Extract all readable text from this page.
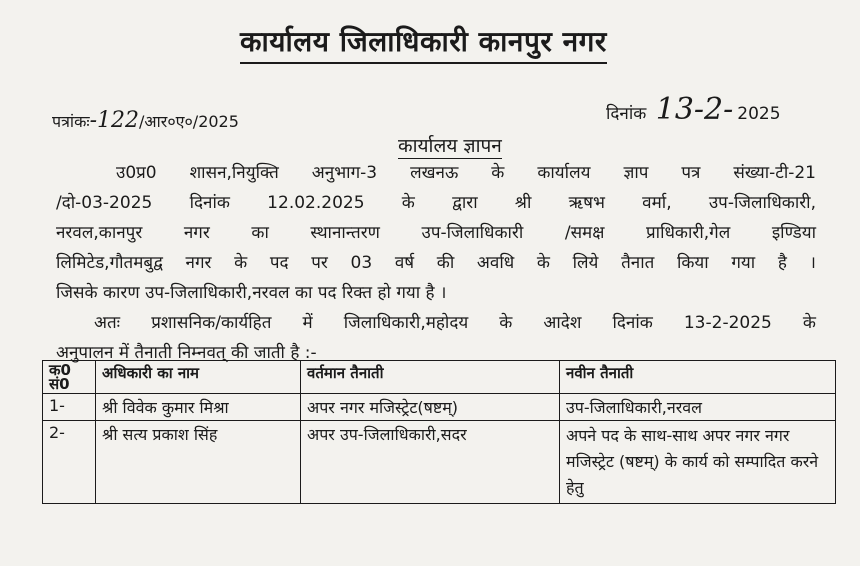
कार्यालय जिलाधिकारी कानपुर नगर
पत्रांकः-122/आर०ए०/2025	दिनांक 13-2- 2025
कार्यालय ज्ञापन

उ0प्र0 शासन,नियुक्ति अनुभाग-3 लखनऊ के कार्यालय ज्ञाप पत्र संख्या-टी-21
/दो-03-2025 दिनांक 12.02.2025 के द्वारा श्री ऋषभ वर्मा, उप-जिलाधिकारी,
नरवल,कानपुर नगर का स्थानान्तरण उप-जिलाधिकारी /समक्ष प्राधिकारी,गेल इण्डिया
लिमिटेड,गौतमबुद्व नगर के पद पर 03 वर्ष की अवधि के लिये तैनात किया गया है ।
जिसके कारण उप-जिलाधिकारी,नरवल का पद रिक्त हो गया है ।

अतः प्रशासनिक/कार्यहित में जिलाधिकारी,महोदय के आदेश दिनांक 13-2-2025 के
अनुपालन में तैनाती निम्नवत् की जाती है :-

क0
सं0	अधिकारी का नाम	वर्तमान तैनाती	नवीन तैनाती
1-	श्री विवेक कुमार मिश्रा	अपर नगर मजिस्ट्रेट(षष्टम्)	उप-जिलाधिकारी,नरवल
2-	श्री सत्य प्रकाश सिंह	अपर उप-जिलाधिकारी,सदर	अपने पद के साथ-साथ अपर नगर नगर मजिस्ट्रेट (षष्टम्) के कार्य को सम्पादित करने हेतु
